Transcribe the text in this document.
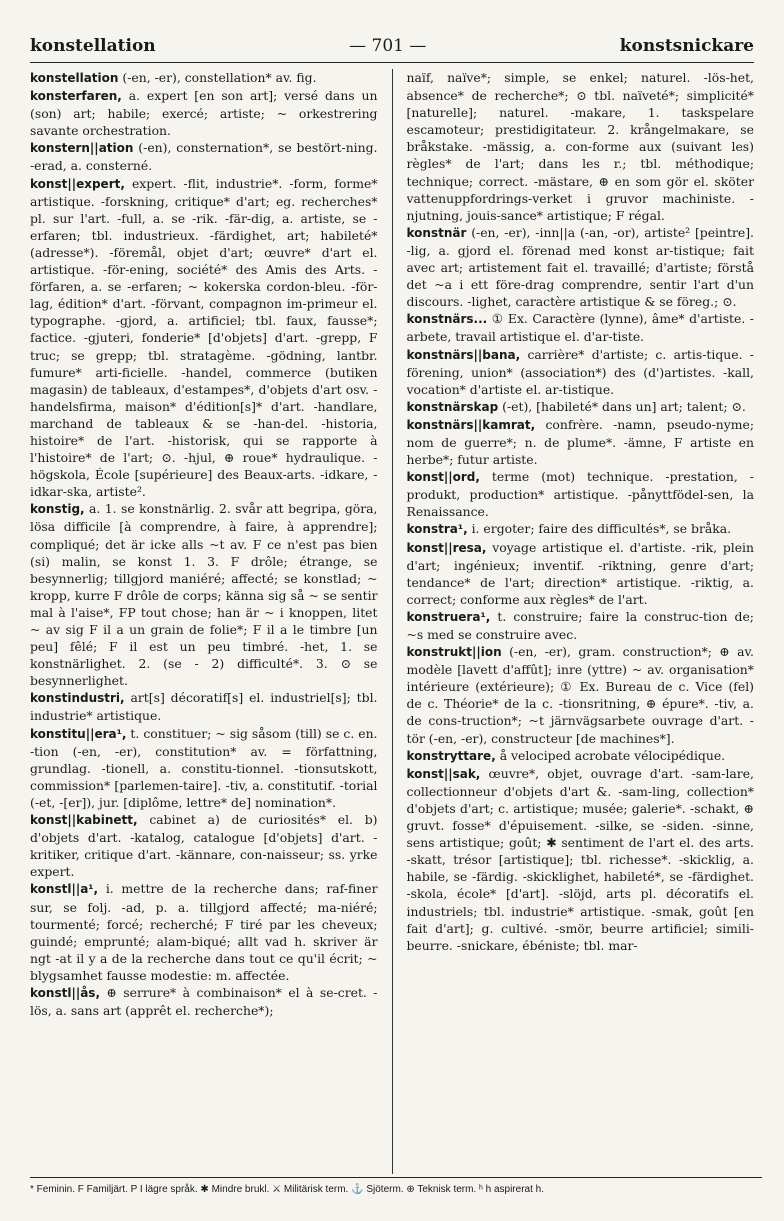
konstellation	— 701 —	konstsnickare

konstellation (-en, -er), constellation* av. fig.

konsterfaren, a. expert [en son art]; versé dans un (son) art; habile; exercé; artiste; ~ orkestrering savante orchestration.

konstern||ation (-en), consternation*, se bestört-ning. -erad, a. consterné.

konst||expert, expert. -flit, industrie*. -form, forme* artistique. -forskning, critique* d'art; eg. recherches* pl. sur l'art. -full, a. se -rik. -fär-dig, a. artiste, se -erfaren; tbl. industrieux. -färdighet, art; habileté* (adresse*). -föremål, objet d'art; œuvre* d'art el. artistique. -för-ening, société* des Amis des Arts. -förfaren, a. se -erfaren; ~ kokerska cordon-bleu. -för-lag, édition* d'art. -förvant, compagnon im-primeur el. typographe. -gjord, a. artificiel; tbl. faux, fausse*; factice. -gjuteri, fonderie* [d'objets] d'art. -grepp, F truc; se grepp; tbl. stratagème. -gödning, lantbr. fumure* arti-ficielle. -handel, commerce (butiken magasin) de tableaux, d'estampes*, d'objets d'art osv. -handelsfirma, maison* d'édition[s]* d'art. -handlare, marchand de tableaux & se -han-del. -historia, histoire* de l'art. -historisk, qui se rapporte à l'histoire* de l'art; ⊙. -hjul, ⊕ roue* hydraulique. -högskola, École [supérieure] des Beaux-arts. -idkare, -idkar-ska, artiste².

konstig, a. 1. se konstnärlig. 2. svår att begripa, göra, lösa difficile [à comprendre, à faire, à apprendre]; compliqué; det är icke alls ~t av. F ce n'est pas bien (si) malin, se konst 1. 3. F drôle; étrange, se besynnerlig; tillgjord maniéré; affecté; se konstlad; ~ kropp, kurre F drôle de corps; känna sig så ~ se sentir mal à l'aise*, FP tout chose; han är ~ i knoppen, litet ~ av sig F il a un grain de folie*; F il a le timbre [un peu] fêlé; F il est un peu timbré. -het, 1. se konstnärlighet. 2. (se - 2) difficulté*. 3. ⊙ se besynnerlighet.

konstindustri, art[s] décoratif[s] el. industriel[s]; tbl. industrie* artistique.

konstitu||era¹, t. constituer; ~ sig såsom (till) se c. en. -tion (-en, -er), constitution* av. = författning, grundlag. -tionell, a. constitu-tionnel. -tionsutskott, commission* [parlemen-taire]. -tiv, a. constitutif. -torial (-et, -[er]), jur. [diplôme, lettre* de] nomination*.

konst||kabinett, cabinet a) de curiosités* el. b) d'objets d'art. -katalog, catalogue [d'objets] d'art. -kritiker, critique d'art. -kännare, con-naisseur; ss. yrke expert.

konstl||a¹, i. mettre de la recherche dans; raf-finer sur, se folj. -ad, p. a. tillgjord affecté; ma-niéré; tourmenté; forcé; recherché; F tiré par les cheveux; guindé; emprunté; alam-biqué; allt vad h. skriver är ngt -at il y a de la recherche dans tout ce qu'il écrit; ~ blygsamhet fausse modestie: m. affectée.

konstl||ås, ⊕ serrure* à combinaison* el à se-cret. -lös, a. sans art (apprêt el. recherche*);

naïf, naïve*; simple, se enkel; naturel. -lös-het, absence* de recherche*; ⊙ tbl. naïveté*; simplicité* [naturelle]; naturel. -makare, 1. taskspelare escamoteur; prestidigitateur. 2. krångelmakare, se bråkstake. -mässig, a. con-forme aux (suivant les) règles* de l'art; dans les r.; tbl. méthodique; technique; correct. -mästare, ⊕ en som gör el. sköter vattenuppfordrings-verket i gruvor machiniste. -njutning, jouis-sance* artistique; F régal.

konstnär (-en, -er), -inn||a (-an, -or), artiste² [peintre]. -lig, a. gjord el. förenad med konst ar-tistique; fait avec art; artistement fait el. travaillé; d'artiste; förstå det ~a i ett före-drag comprendre, sentir l'art d'un discours. -lighet, caractère artistique & se föreg.; ⊙.

konstnärs... ① Ex. Caractère (lynne), âme* d'artiste. -arbete, travail artistique el. d'ar-tiste.

konstnärs||bana, carrière* d'artiste; c. artis-tique. -förening, union* (association*) des (d')artistes. -kall, vocation* d'artiste el. ar-tistique.

konstnärskap (-et), [habileté* dans un] art; talent; ⊙.

konstnärs||kamrat, confrère. -namn, pseudo-nyme; nom de guerre*; n. de plume*. -ämne, F artiste en herbe*; futur artiste.

konst||ord, terme (mot) technique. -prestation, -produkt, production* artistique. -pånyttfödel-sen, la Renaissance.

konstra¹, i. ergoter; faire des difficultés*, se bråka.

konst||resa, voyage artistique el. d'artiste. -rik, plein d'art; ingénieux; inventif. -riktning, genre d'art; tendance* de l'art; direction* artistique. -riktig, a. correct; conforme aux règles* de l'art.

konstruera¹, t. construire; faire la construc-tion de; ~s med se construire avec.

konstrukt||ion (-en, -er), gram. construction*; ⊕ av. modèle [lavett d'affût]; inre (yttre) ~ av. organisation* intérieure (extérieure); ① Ex. Bureau de c. Vice (fel) de c. Théorie* de la c. -tionsritning, ⊕ épure*. -tiv, a. de cons-truction*; ~t järnvägsarbete ouvrage d'art. -tör (-en, -er), constructeur [de machines*].

konstryttare, å velociped acrobate vélocipédique.

konst||sak, œuvre*, objet, ouvrage d'art. -sam-lare, collectionneur d'objets d'art &. -sam-ling, collection* d'objets d'art; c. artistique; musée; galerie*. -schakt, ⊕ gruvt. fosse* d'épuisement. -silke, se -siden. -sinne, sens artistique; goût; ✱ sentiment de l'art el. des arts. -skatt, trésor [artistique]; tbl. richesse*. -skicklig, a. habile, se -färdig. -skicklighet, habileté*, se -färdighet. -skola, école* [d'art]. -slöjd, arts pl. décoratifs el. industriels; tbl. industrie* artistique. -smak, goût [en fait d'art]; g. cultivé. -smör, beurre artificiel; simili-beurre. -snickare, ébéniste; tbl. mar-

* Feminin. F Familjärt. P I lägre språk. ✱ Mindre brukl. ⚔ Militärisk term. ⚓ Sjöterm. ⊕ Teknisk term. ʰ h aspirerat h.
